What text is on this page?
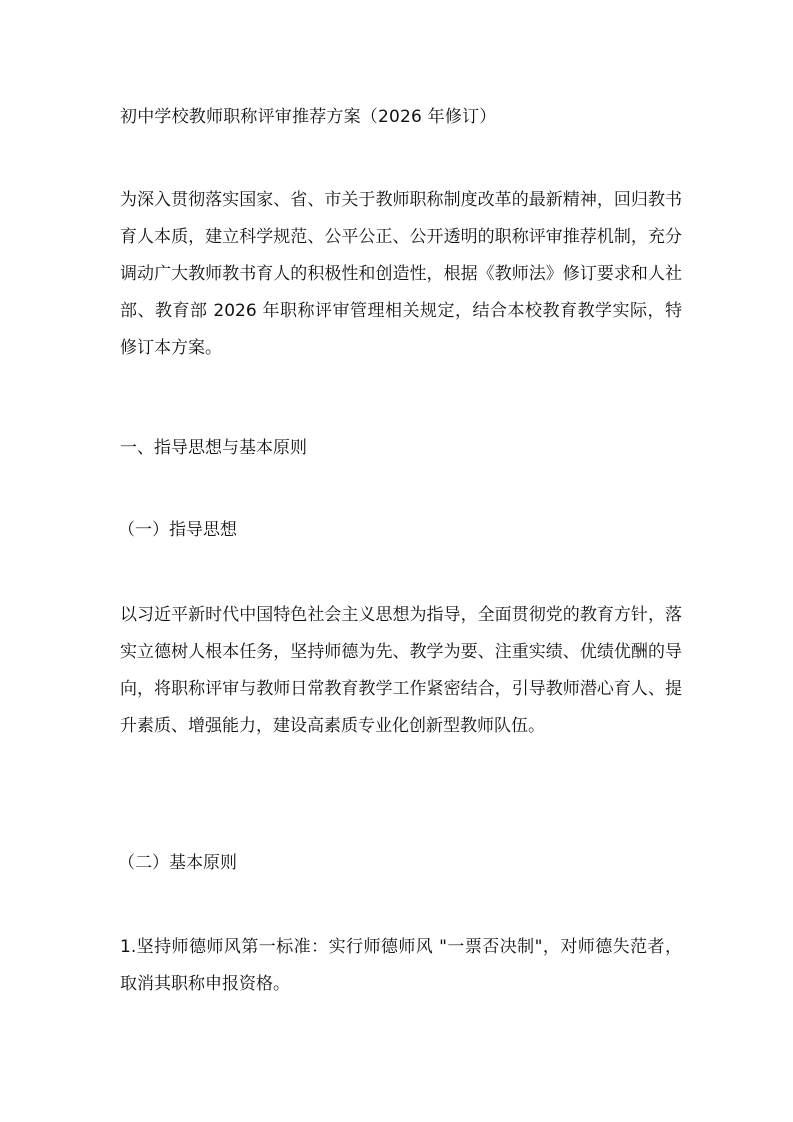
初中学校教师职称评审推荐方案（2026 年修订）

为深入贯彻落实国家、省、市关于教师职称制度改革的最新精神，回归教书育人本质，建立科学规范、公平公正、公开透明的职称评审推荐机制，充分调动广大教师教书育人的积极性和创造性，根据《教师法》修订要求和人社部、教育部 2026 年职称评审管理相关规定，结合本校教育教学实际，特修订本方案。

一、指导思想与基本原则
（一）指导思想

以习近平新时代中国特色社会主义思想为指导，全面贯彻党的教育方针，落实立德树人根本任务，坚持师德为先、教学为要、注重实绩、优绩优酬的导向，将职称评审与教师日常教育教学工作紧密结合，引导教师潜心育人、提升素质、增强能力，建设高素质专业化创新型教师队伍。

（二）基本原则

1.坚持师德师风第一标准：实行师德师风 "一票否决制"，对师德失范者，取消其职称申报资格。
